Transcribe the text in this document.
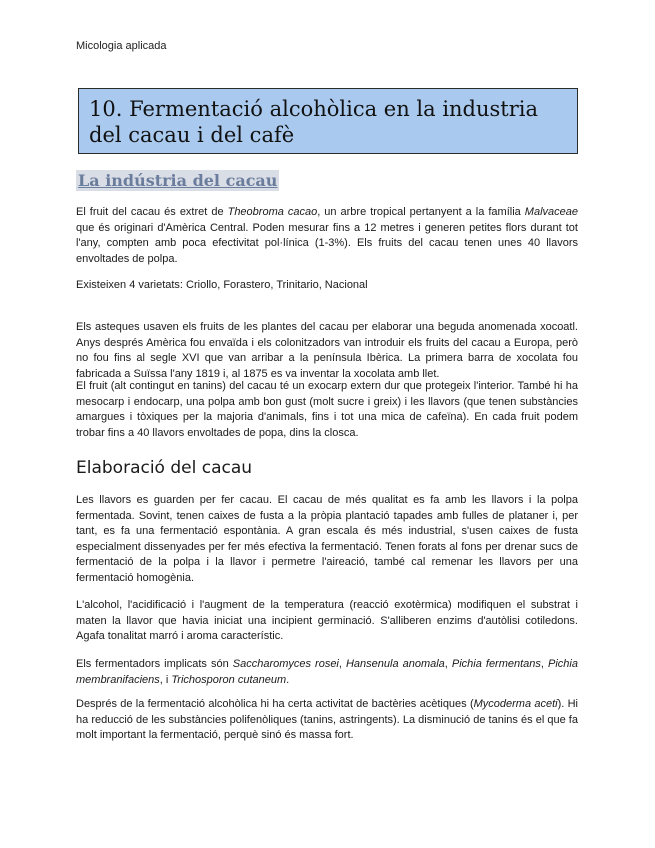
Micologia aplicada
10. Fermentació alcohòlica en la industria
del cacau i del cafè
La indústria del cacau

El fruit del cacau és extret de Theobroma cacao, un arbre tropical pertanyent a la família Malvaceae que és originari d'Amèrica Central. Poden mesurar fins a 12 metres i generen petites flors durant tot l'any, compten amb poca efectivitat pol·línica (1-3%). Els fruits del cacau tenen unes 40 llavors envoltades de polpa.

Existeixen 4 varietats: Criollo, Forastero, Trinitario, Nacional

Els asteques usaven els fruits de les plantes del cacau per elaborar una beguda anomenada xocoatl. Anys després Amèrica fou envaïda i els colonitzadors van introduir els fruits del cacau a Europa, però no fou fins al segle XVI que van arribar a la península Ibèrica. La primera barra de xocolata fou fabricada a Suïssa l'any 1819 i, al 1875 es va inventar la xocolata amb llet.

El fruit (alt contingut en tanins) del cacau té un exocarp extern dur que protegeix l'interior. També hi ha mesocarp i endocarp, una polpa amb bon gust (molt sucre i greix) i les llavors (que tenen substàncies amargues i tòxiques per la majoria d'animals, fins i tot una mica de cafeïna). En cada fruit podem trobar fins a 40 llavors envoltades de popa, dins la closca.

Elaboració del cacau

Les llavors es guarden per fer cacau. El cacau de més qualitat es fa amb les llavors i la polpa fermentada. Sovint, tenen caixes de fusta a la pròpia plantació tapades amb fulles de plataner i, per tant, es fa una fermentació espontània. A gran escala és més industrial, s'usen caixes de fusta especialment dissenyades per fer més efectiva la fermentació. Tenen forats al fons per drenar sucs de fermentació de la polpa i la llavor i permetre l'aireació, també cal remenar les llavors per una fermentació homogènia.

L'alcohol, l'acidificació i l'augment de la temperatura (reacció exotèrmica) modifiquen el substrat i maten la llavor que havia iniciat una incipient germinació. S'alliberen enzims d'autòlisi cotiledons. Agafa tonalitat marró i aroma característic.

Els fermentadors implicats són Saccharomyces rosei, Hansenula anomala, Pichia fermentans, Pichia membranifaciens, i Trichosporon cutaneum.

Després de la fermentació alcohòlica hi ha certa activitat de bactèries acètiques (Mycoderma aceti). Hi ha reducció de les substàncies polifenòliques (tanins, astringents). La disminució de tanins és el que fa molt important la fermentació, perquè sinó és massa fort.
